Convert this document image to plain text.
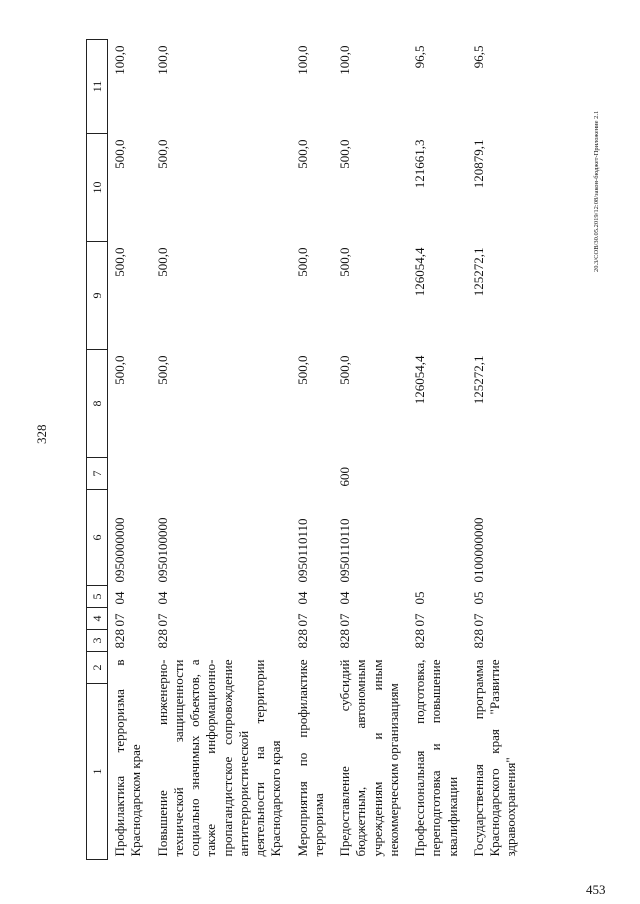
328
453
20.3/СОВ/30.05.2019/12:08/закон-бюджет-Приложение 2.1
1	2	3	4	5	6	7	8	9	10	11
Профилактика терроризма в Краснодарском крае		828	07	04	0950000000		500,0	500,0	500,0	100,0
Повышение инженерно-технической защищенности социально значимых объектов, а также информационно-пропагандистское сопровождение антитеррористической деятельности на территории Краснодарского края		828	07	04	0950100000		500,0	500,0	500,0	100,0
Мероприятия по профилактике терроризма		828	07	04	0950110110		500,0	500,0	500,0	100,0
Предоставление субсидий бюджетным, автономным учреждениям и иным некоммерческим организациям		828	07	04	0950110110	600	500,0	500,0	500,0	100,0
Профессиональная подготовка, переподготовка и повышение квалификации		828	07	05			126054,4	126054,4	121661,3	96,5
Государственная программа Краснодарского края "Развитие здравоохранения"		828	07	05	0100000000		125272,1	125272,1	120879,1	96,5
